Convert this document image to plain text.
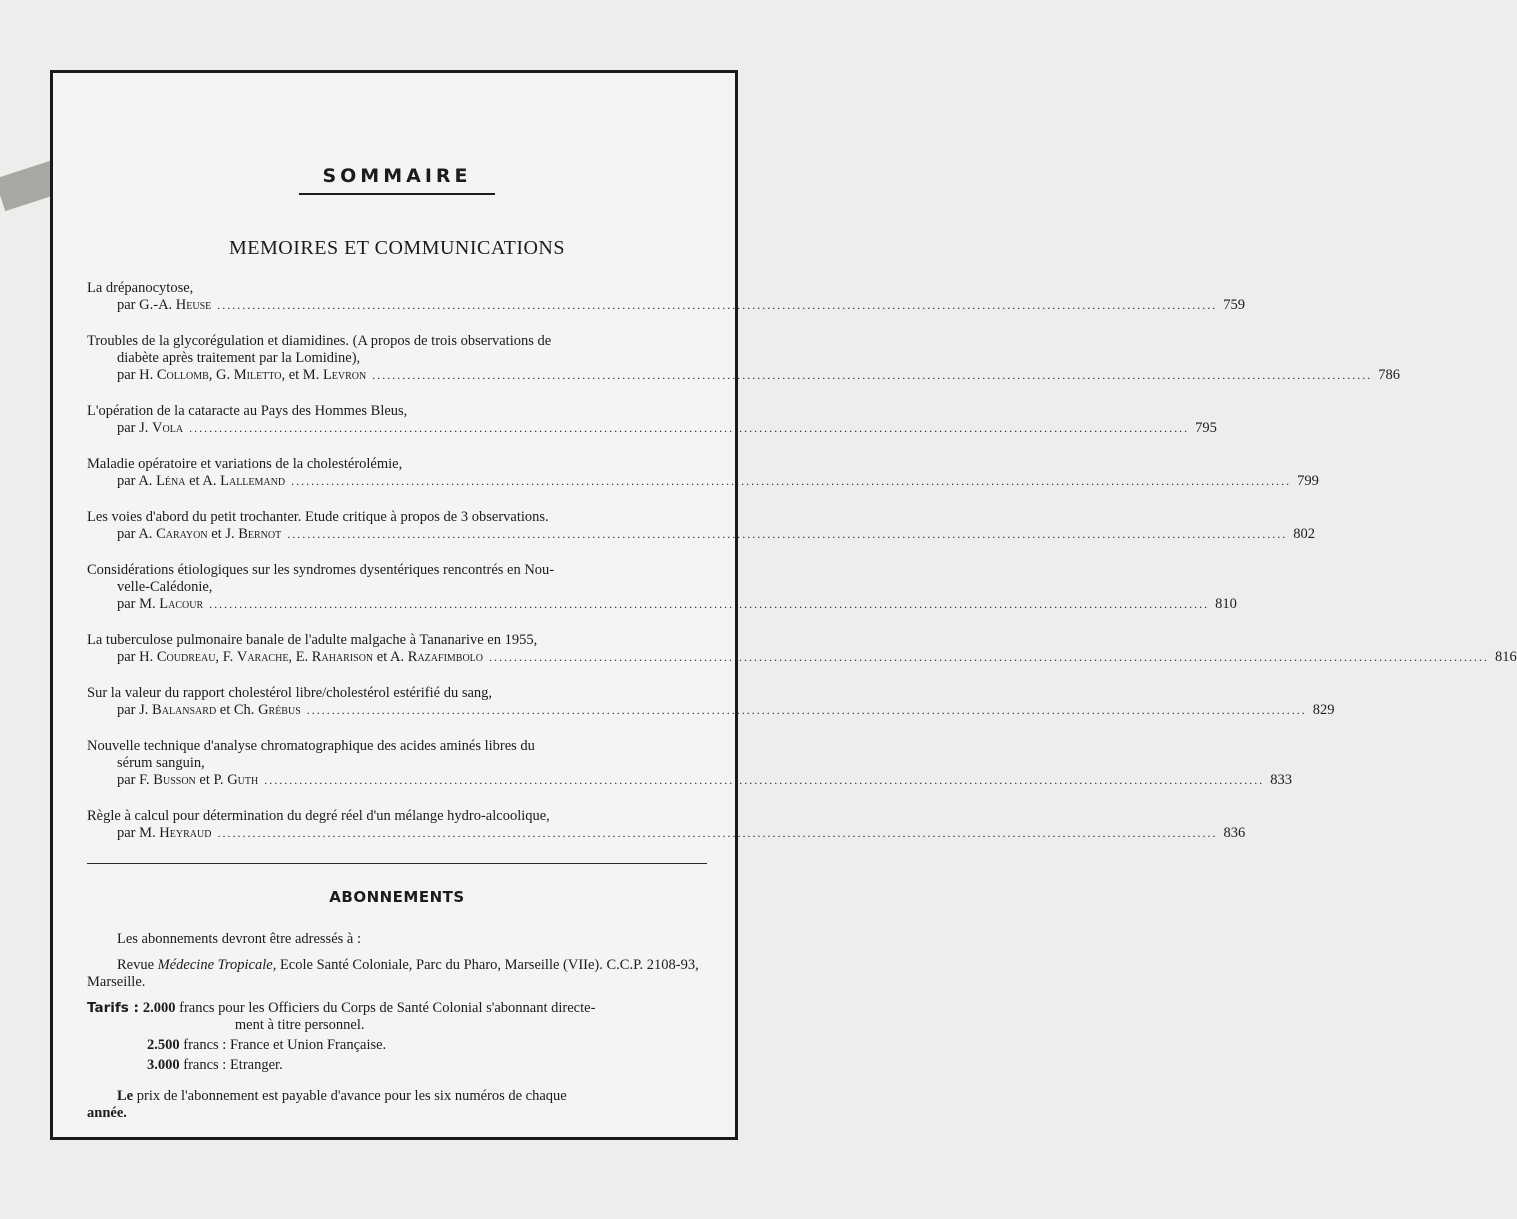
SOMMAIRE
MEMOIRES ET COMMUNICATIONS
La drépanocytose,
par G.-A. Heuse ........................................................................................................................................................................................................ 759
Troubles de la glycorégulation et diamidines. (A propos de trois observations de
diabète après traitement par la Lomidine),
par H. Collomb, G. Miletto, et M. Levron ........................................................................................................................................................................................................ 786
L'opération de la cataracte au Pays des Hommes Bleus,
par J. Vola ........................................................................................................................................................................................................ 795
Maladie opératoire et variations de la cholestérolémie,
par A. Léna et A. Lallemand ........................................................................................................................................................................................................ 799
Les voies d'abord du petit trochanter. Etude critique à propos de 3 observations.
par A. Carayon et J. Bernot ........................................................................................................................................................................................................ 802
Considérations étiologiques sur les syndromes dysentériques rencontrés en Nou-
velle-Calédonie,
par M. Lacour ........................................................................................................................................................................................................ 810
La tuberculose pulmonaire banale de l'adulte malgache à Tananarive en 1955,
par H. Coudreau, F. Varache, E. Raharison et A. Razafimbolo ........................................................................................................................................................................................................ 816
Sur la valeur du rapport cholestérol libre/cholestérol estérifié du sang,
par J. Balansard et Ch. Grébus ........................................................................................................................................................................................................ 829
Nouvelle technique d'analyse chromatographique des acides aminés libres du
sérum sanguin,
par F. Busson et P. Guth ........................................................................................................................................................................................................ 833
Règle à calcul pour détermination du degré réel d'un mélange hydro-alcoolique,
par M. Heyraud ........................................................................................................................................................................................................ 836
ABONNEMENTS

Les abonnements devront être adressés à :

Revue Médecine Tropicale, Ecole Santé Coloniale, Parc du Pharo, Marseille (VIIe). C.C.P. 2108-93, Marseille.

Tarifs : 2.000 francs pour les Officiers du Corps de Santé Colonial s'abonnant directe-
ment à titre personnel.

2.500 francs : France et Union Française.

3.000 francs : Etranger.

Le prix de l'abonnement est payable d'avance pour les six numéros de chaque
année.
